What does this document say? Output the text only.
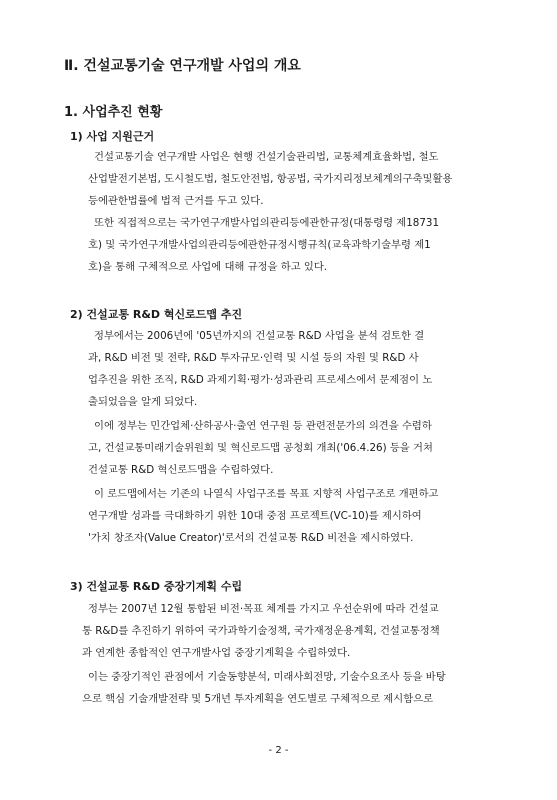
Ⅱ. 건설교통기술 연구개발 사업의 개요
1. 사업추진 현황
1) 사업 지원근거
건설교통기술 연구개발 사업은 현행 건설기술관리법, 교통체계효율화법, 철도
산업발전기본법, 도시철도법, 철도안전법, 항공법, 국가지리정보체계의구축및활용
등에관한법률에 법적 근거를 두고 있다.
또한 직접적으로는 국가연구개발사업의관리등에관한규정(대통령령 제18731
호) 및 국가연구개발사업의관리등에관한규정시행규칙(교육과학기술부령 제1
호)을 통해 구체적으로 사업에 대해 규정을 하고 있다.
2) 건설교통 R&D 혁신로드맵 추진
정부에서는 2006년에 '05년까지의 건설교통 R&D 사업을 분석 검토한 결
과, R&D 비전 및 전략, R&D 투자규모·인력 및 시설 등의 자원 및 R&D 사
업추진을 위한 조직, R&D 과제기획·평가·성과관리 프로세스에서 문제점이 노
출되었음을 알게 되었다.
이에 정부는 민간업체·산하공사·출연 연구원 등 관련전문가의 의견을 수렴하
고, 건설교통미래기술위원회 및 혁신로드맵 공청회 개최('06.4.26) 등을 거쳐
건설교통 R&D 혁신로드맵을 수립하였다.
이 로드맵에서는 기존의 나열식 사업구조를 목표 지향적 사업구조로 개편하고
연구개발 성과를 극대화하기 위한 10대 중점 프로젝트(VC-10)를 제시하여
'가치 창조자(Value Creator)'로서의 건설교통 R&D 비전을 제시하였다.
3) 건설교통 R&D 중장기계획 수립
정부는 2007년 12월 통합된 비전·목표 체계를 가지고 우선순위에 따라 건설교
통 R&D를 추진하기 위하여 국가과학기술정책, 국가재정운용계획, 건설교통정책
과 연계한 종합적인 연구개발사업 중장기계획을 수립하였다.
이는 중장기적인 관점에서 기술동향분석, 미래사회전망, 기술수요조사 등을 바탕
으로 핵심 기술개발전략 및 5개년 투자계획을 연도별로 구체적으로 제시함으로
- 2 -
